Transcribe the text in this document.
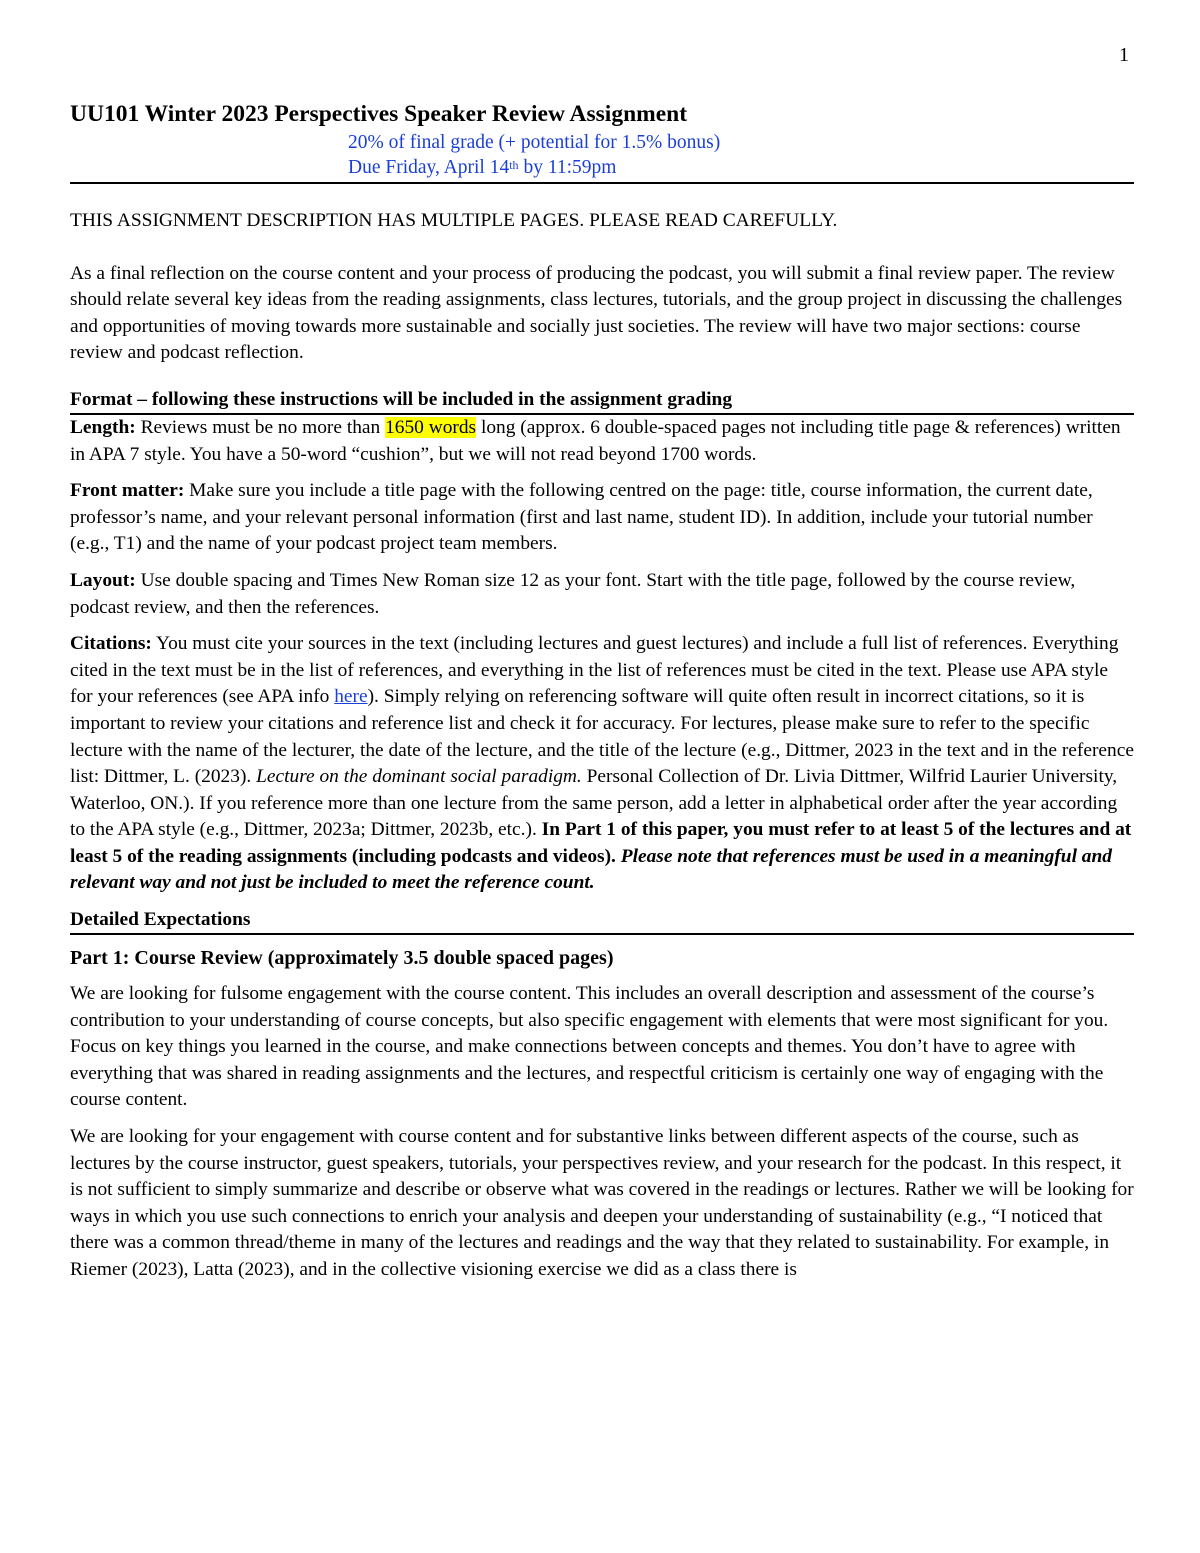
1
UU101 Winter 2023 Perspectives Speaker Review Assignment
20% of final grade (+ potential for 1.5% bonus)
Due Friday, April 14th by 11:59pm

THIS ASSIGNMENT DESCRIPTION HAS MULTIPLE PAGES. PLEASE READ CAREFULLY.

As a final reflection on the course content and your process of producing the podcast, you will submit a final review paper. The review should relate several key ideas from the reading assignments, class lectures, tutorials, and the group project in discussing the challenges and opportunities of moving towards more sustainable and socially just societies. The review will have two major sections: course review and podcast reflection.

Format – following these instructions will be included in the assignment grading

Length: Reviews must be no more than 1650 words long (approx. 6 double-spaced pages not including title page & references) written in APA 7 style. You have a 50-word “cushion”, but we will not read beyond 1700 words.

Front matter: Make sure you include a title page with the following centred on the page: title, course information, the current date, professor’s name, and your relevant personal information (first and last name, student ID). In addition, include your tutorial number (e.g., T1) and the name of your podcast project team members.

Layout: Use double spacing and Times New Roman size 12 as your font. Start with the title page, followed by the course review, podcast review, and then the references.

Citations: You must cite your sources in the text (including lectures and guest lectures) and include a full list of references. Everything cited in the text must be in the list of references, and everything in the list of references must be cited in the text. Please use APA style for your references (see APA info here). Simply relying on referencing software will quite often result in incorrect citations, so it is important to review your citations and reference list and check it for accuracy. For lectures, please make sure to refer to the specific lecture with the name of the lecturer, the date of the lecture, and the title of the lecture (e.g., Dittmer, 2023 in the text and in the reference list: Dittmer, L. (2023). Lecture on the dominant social paradigm. Personal Collection of Dr. Livia Dittmer, Wilfrid Laurier University, Waterloo, ON.). If you reference more than one lecture from the same person, add a letter in alphabetical order after the year according to the APA style (e.g., Dittmer, 2023a; Dittmer, 2023b, etc.). In Part 1 of this paper, you must refer to at least 5 of the lectures and at least 5 of the reading assignments (including podcasts and videos). Please note that references must be used in a meaningful and relevant way and not just be included to meet the reference count.

Detailed Expectations
Part 1: Course Review (approximately 3.5 double spaced pages)

We are looking for fulsome engagement with the course content. This includes an overall description and assessment of the course’s contribution to your understanding of course concepts, but also specific engagement with elements that were most significant for you. Focus on key things you learned in the course, and make connections between concepts and themes. You don’t have to agree with everything that was shared in reading assignments and the lectures, and respectful criticism is certainly one way of engaging with the course content.

We are looking for your engagement with course content and for substantive links between different aspects of the course, such as lectures by the course instructor, guest speakers, tutorials, your perspectives review, and your research for the podcast. In this respect, it is not sufficient to simply summarize and describe or observe what was covered in the readings or lectures. Rather we will be looking for ways in which you use such connections to enrich your analysis and deepen your understanding of sustainability (e.g., “I noticed that there was a common thread/theme in many of the lectures and readings and the way that they related to sustainability. For example, in Riemer (2023), Latta (2023), and in the collective visioning exercise we did as a class there is
